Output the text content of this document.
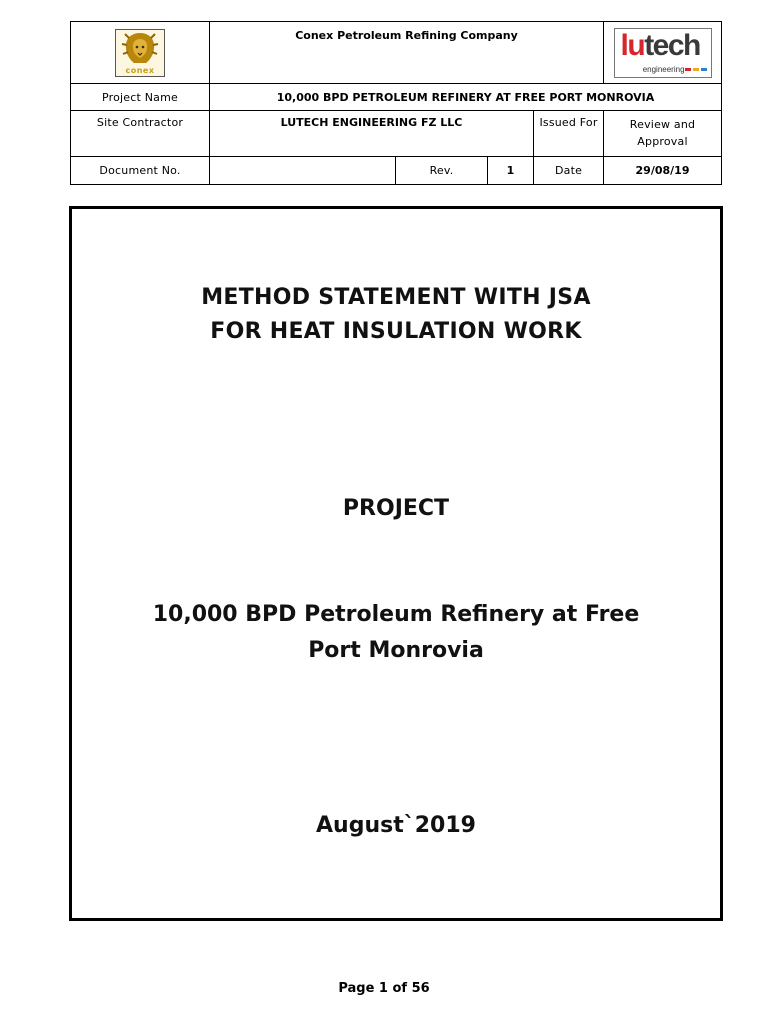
conex	Conex Petroleum Refining Company				lutech
engineering

Project Name	10,000 BPD PETROLEUM REFINERY AT FREE PORT MONROVIA				
Site Contractor	LUTECH ENGINEERING FZ LLC			Issued For	Review and Approval
Document No.		Rev.	1	Date	29/08/19
METHOD STATEMENT WITH JSA FOR HEAT INSULATION WORK
PROJECT
10,000 BPD Petroleum Refinery at Free Port Monrovia
August`2019
Page 1 of 56
